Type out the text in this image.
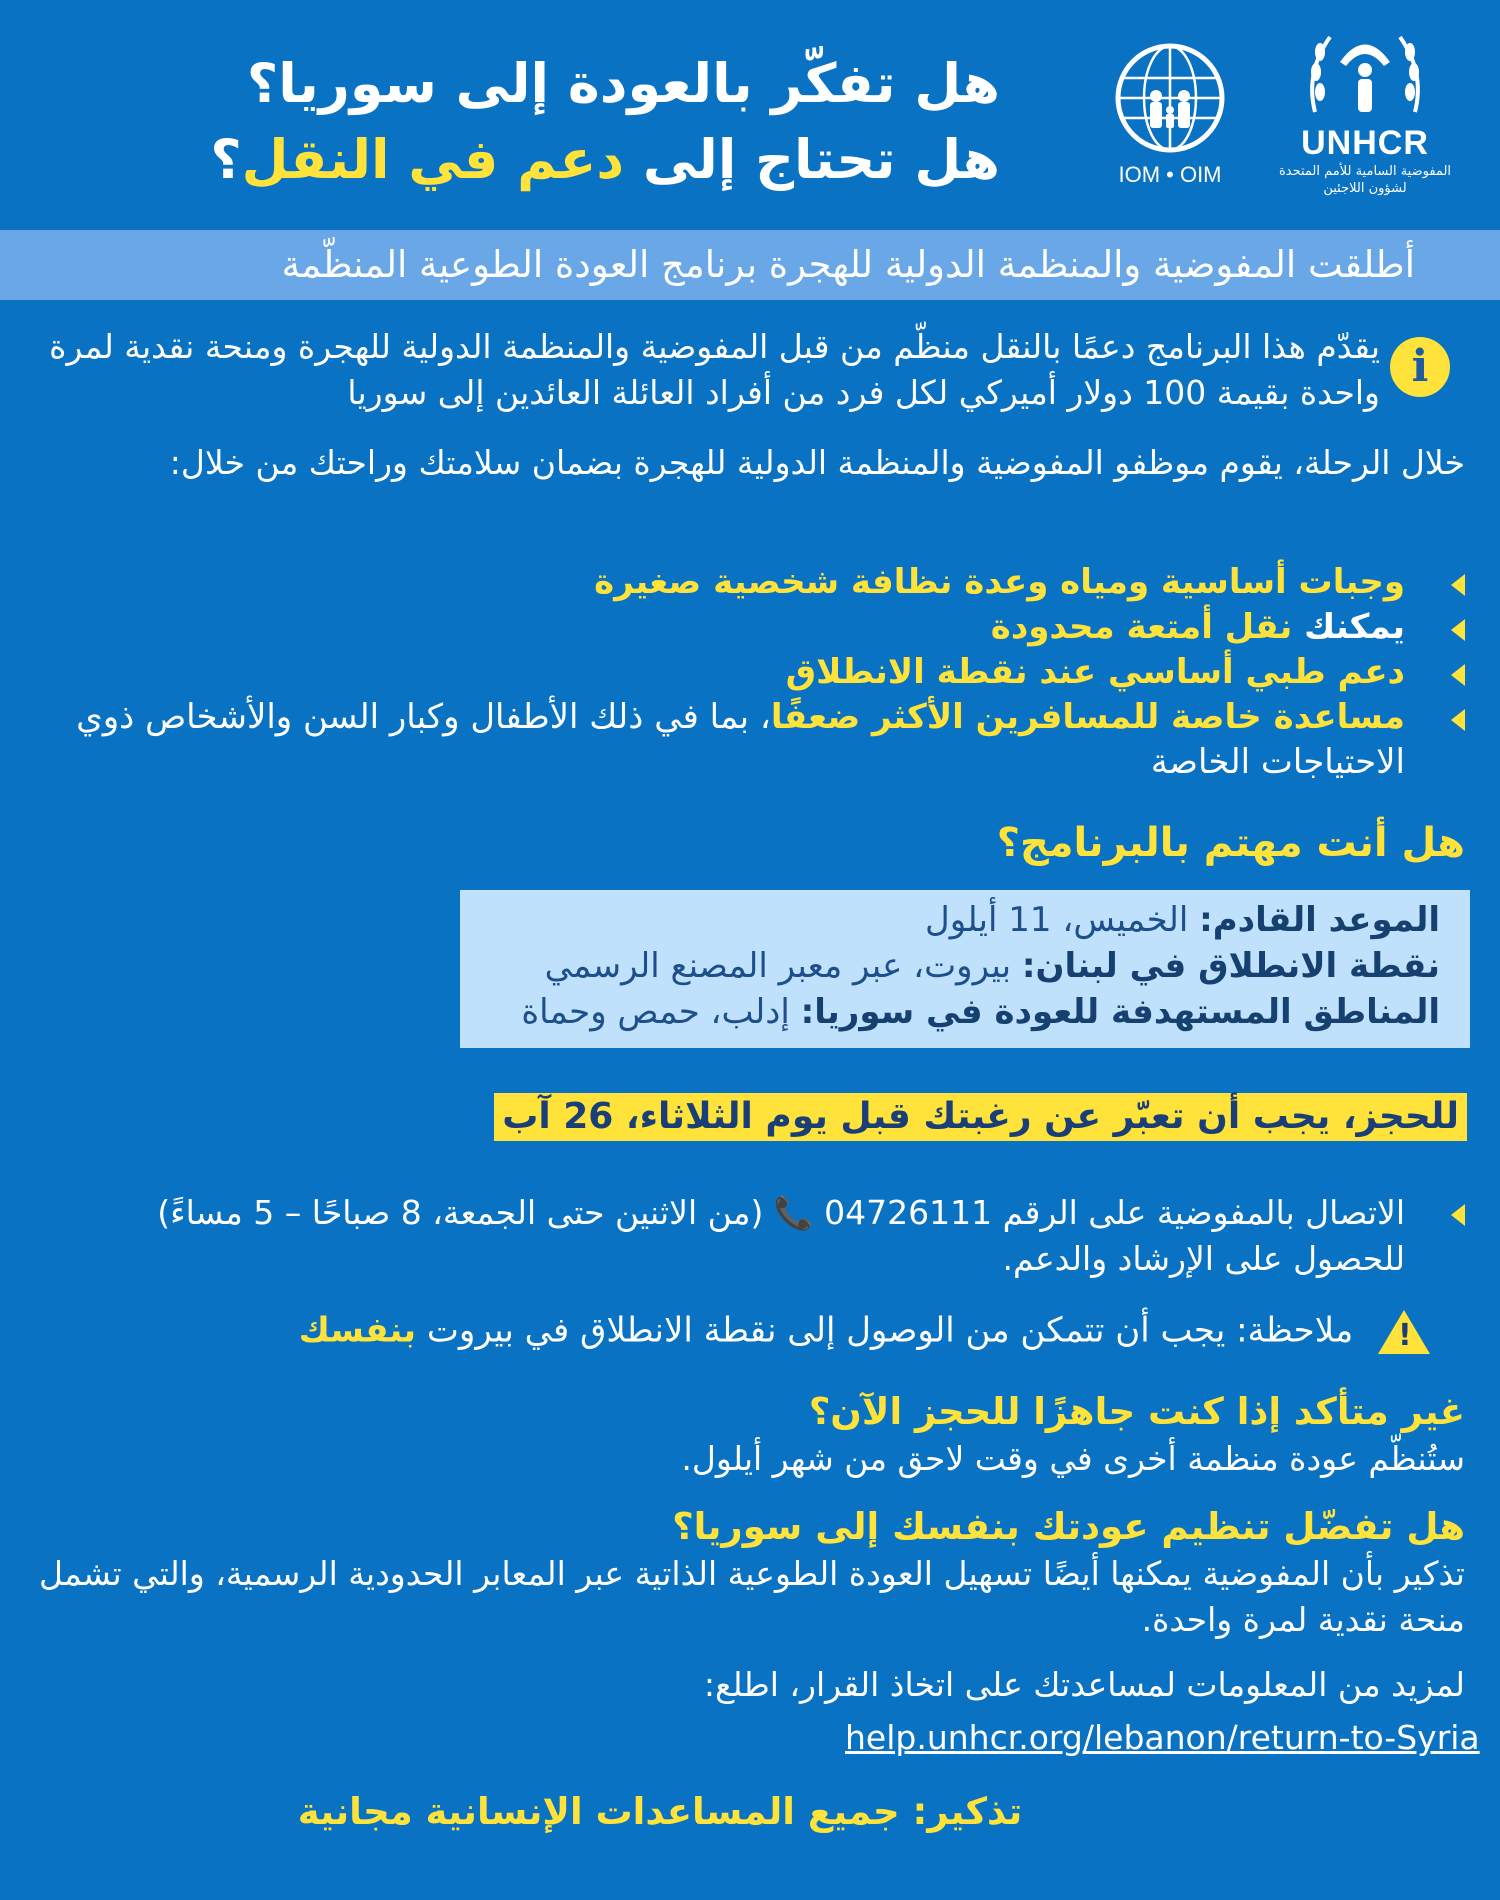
هل تفكّر بالعودة إلى سوريا؟
هل تحتاج إلى دعم في النقل؟	UNHCR
المفوضية السامية للأمم المتحدة
لشؤون اللاجئين
IOM • OIM
أطلقت المفوضية والمنظمة الدولية للهجرة برنامج العودة الطوعية المنظّمة
i
يقدّم هذا البرنامج دعمًا بالنقل منظّم من قبل المفوضية والمنظمة الدولية للهجرة ومنحة نقدية لمرة واحدة بقيمة 100 دولار أميركي لكل فرد من أفراد العائلة العائدين إلى سوريا
خلال الرحلة، يقوم موظفو المفوضية والمنظمة الدولية للهجرة بضمان سلامتك وراحتك من خلال:
وجبات أساسية ومياه وعدة نظافة شخصية صغيرة
يمكنك نقل أمتعة محدودة
دعم طبي أساسي عند نقطة الانطلاق
مساعدة خاصة للمسافرين الأكثر ضعفًا، بما في ذلك الأطفال وكبار السن والأشخاص ذوي الاحتياجات الخاصة
هل أنت مهتم بالبرنامج؟
الموعد القادم: الخميس، 11 أيلول
نقطة الانطلاق في لبنان: بيروت، عبر معبر المصنع الرسمي
المناطق المستهدفة للعودة في سوريا: إدلب، حمص وحماة
للحجز، يجب أن تعبّر عن رغبتك قبل يوم الثلاثاء، 26 آب
الاتصال بالمفوضية على الرقم 04726111 📞 (من الاثنين حتى الجمعة، 8 صباحًا – 5 مساءً) للحصول على الإرشاد والدعم.
!
ملاحظة: يجب أن تتمكن من الوصول إلى نقطة الانطلاق في بيروت بنفسك
غير متأكد إذا كنت جاهزًا للحجز الآن؟
ستُنظّم عودة منظمة أخرى في وقت لاحق من شهر أيلول.
هل تفضّل تنظيم عودتك بنفسك إلى سوريا؟
تذكير بأن المفوضية يمكنها أيضًا تسهيل العودة الطوعية الذاتية عبر المعابر الحدودية الرسمية، والتي تشمل منحة نقدية لمرة واحدة.
لمزيد من المعلومات لمساعدتك على اتخاذ القرار، اطلع:
help.unhcr.org/lebanon/return-to-Syria
تذكير: جميع المساعدات الإنسانية مجانية
